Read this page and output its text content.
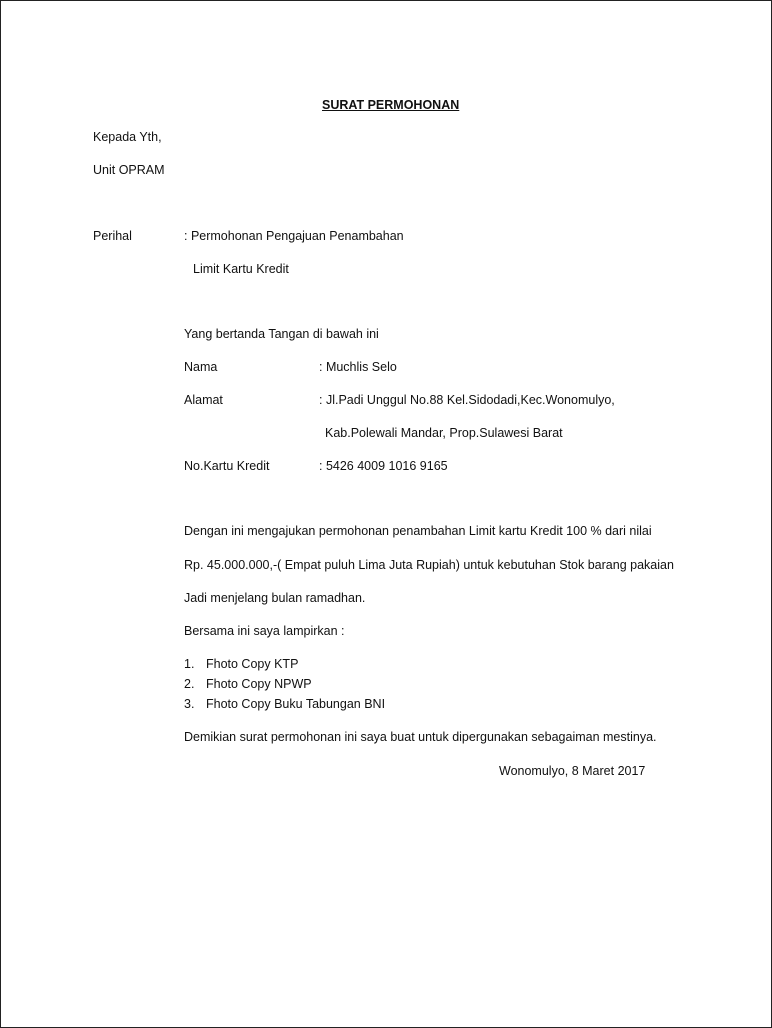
SURAT PERMOHONAN
Kepada Yth,
Unit OPRAM
Perihal	: Permohonan Pengajuan Penambahan
Limit Kartu Kredit
Yang bertanda Tangan di bawah ini
Nama	: Muchlis Selo
Alamat	: Jl.Padi Unggul No.88 Kel.Sidodadi,Kec.Wonomulyo,
Kab.Polewali Mandar, Prop.Sulawesi Barat
No.Kartu Kredit	: 5426 4009 1016 9165
Dengan ini mengajukan permohonan penambahan Limit kartu Kredit 100 % dari nilai
Rp. 45.000.000,-( Empat puluh Lima Juta Rupiah) untuk kebutuhan Stok barang pakaian
Jadi menjelang bulan ramadhan.
Bersama ini saya lampirkan :
1. Fhoto Copy KTP
2. Fhoto Copy NPWP
3. Fhoto Copy Buku Tabungan BNI
Demikian surat permohonan ini saya buat untuk dipergunakan sebagaiman mestinya.
Wonomulyo, 8 Maret 2017
